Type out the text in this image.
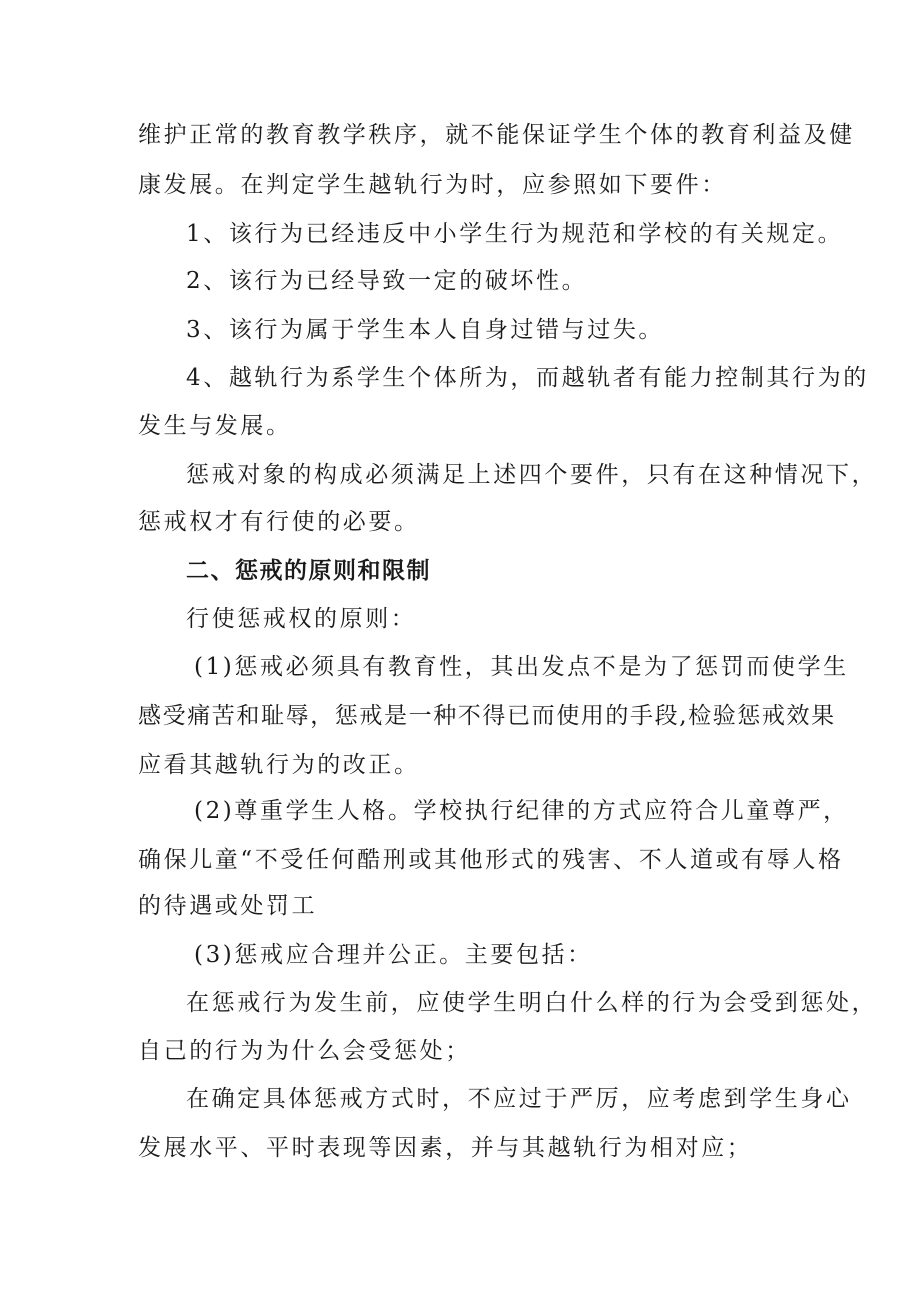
维护正常的教育教学秩序，就不能保证学生个体的教育利益及健
康发展。在判定学生越轨行为时，应参照如下要件：
1、该行为已经违反中小学生行为规范和学校的有关规定。
2、该行为已经导致一定的破坏性。
3、该行为属于学生本人自身过错与过失。
4、越轨行为系学生个体所为，而越轨者有能力控制其行为的
发生与发展。
惩戒对象的构成必须满足上述四个要件，只有在这种情况下，
惩戒权才有行使的必要。
二、惩戒的原则和限制
行使惩戒权的原则：
(1)惩戒必须具有教育性，其出发点不是为了惩罚而使学生
感受痛苦和耻辱，惩戒是一种不得已而使用的手段,检验惩戒效果
应看其越轨行为的改正。
(2)尊重学生人格。学校执行纪律的方式应符合儿童尊严，
确保儿童“不受任何酷刑或其他形式的残害、不人道或有辱人格
的待遇或处罚工
(3)惩戒应合理并公正。主要包括：
在惩戒行为发生前，应使学生明白什么样的行为会受到惩处，
自己的行为为什么会受惩处；
在确定具体惩戒方式时，不应过于严厉，应考虑到学生身心
发展水平、平时表现等因素，并与其越轨行为相对应；
